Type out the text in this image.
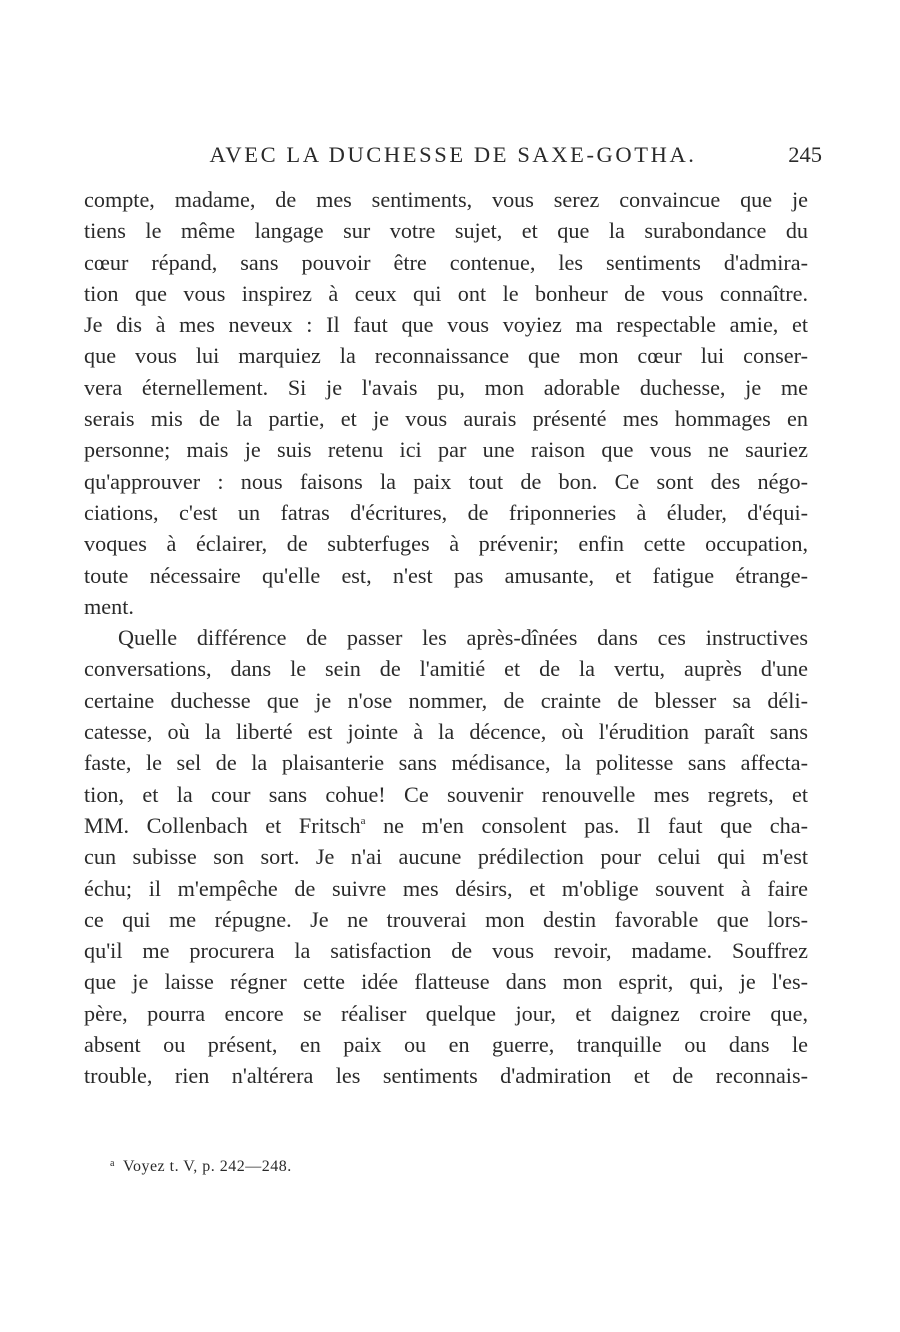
AVEC LA DUCHESSE DE SAXE-GOTHA.	245
compte, madame, de mes sentiments, vous serez convaincue que je
tiens le même langage sur votre sujet, et que la surabondance du
cœur répand, sans pouvoir être contenue, les sentiments d'admira-
tion que vous inspirez à ceux qui ont le bonheur de vous connaître.
Je dis à mes neveux : Il faut que vous voyiez ma respectable amie, et
que vous lui marquiez la reconnaissance que mon cœur lui conser-
vera éternellement. Si je l'avais pu, mon adorable duchesse, je me
serais mis de la partie, et je vous aurais présenté mes hommages en
personne; mais je suis retenu ici par une raison que vous ne sauriez
qu'approuver : nous faisons la paix tout de bon. Ce sont des négo-
ciations, c'est un fatras d'écritures, de friponneries à éluder, d'équi-
voques à éclairer, de subterfuges à prévenir; enfin cette occupation,
toute nécessaire qu'elle est, n'est pas amusante, et fatigue étrange-
ment.
Quelle différence de passer les après-dînées dans ces instructives
conversations, dans le sein de l'amitié et de la vertu, auprès d'une
certaine duchesse que je n'ose nommer, de crainte de blesser sa déli-
catesse, où la liberté est jointe à la décence, où l'érudition paraît sans
faste, le sel de la plaisanterie sans médisance, la politesse sans affecta-
tion, et la cour sans cohue! Ce souvenir renouvelle mes regrets, et
MM. Collenbach et Fritsch$^a$ ne m'en consolent pas. Il faut que cha-
cun subisse son sort. Je n'ai aucune prédilection pour celui qui m'est
échu; il m'empêche de suivre mes désirs, et m'oblige souvent à faire
ce qui me répugne. Je ne trouverai mon destin favorable que lors-
qu'il me procurera la satisfaction de vous revoir, madame. Souffrez
que je laisse régner cette idée flatteuse dans mon esprit, qui, je l'es-
père, pourra encore se réaliser quelque jour, et daignez croire que,
absent ou présent, en paix ou en guerre, tranquille ou dans le
trouble, rien n'altérera les sentiments d'admiration et de reconnais-
$^a$ Voyez t. V, p. 242—248.
